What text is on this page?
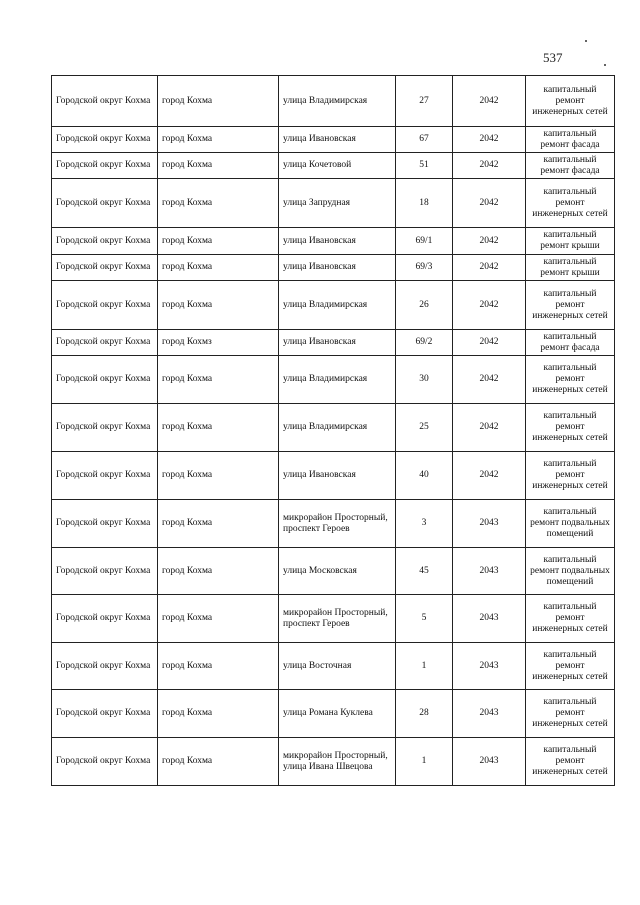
537
Городской округ Кохма	город Кохма	улица Владимирская	27	2042	капитальный ремонт инженерных сетей
Городской округ Кохма	город Кохма	улица Ивановская	67	2042	капитальный ремонт фасада
Городской округ Кохма	город Кохма	улица Кочетовой	51	2042	капитальный ремонт фасада
Городской округ Кохма	город Кохма	улица Запрудная	18	2042	капитальный ремонт инженерных сетей
Городской округ Кохма	город Кохма	улица Ивановская	69/1	2042	капитальный ремонт крыши
Городской округ Кохма	город Кохма	улица Ивановская	69/3	2042	капитальный ремонт крыши
Городской округ Кохма	город Кохма	улица Владимирская	26	2042	капитальный ремонт инженерных сетей
Городской округ Кохма	город Кохмз	улица Ивановская	69/2	2042	капитальный ремонт фасада
Городской округ Кохма	город Кохма	улица Владимирская	30	2042	капитальный ремонт инженерных сетей
Городской округ Кохма	город Кохма	улица Владимирская	25	2042	капитальный ремонт инженерных сетей
Городской округ Кохма	город Кохма	улица Ивановская	40	2042	капитальный ремонт инженерных сетей
Городской округ Кохма	город Кохма	микрорайон Просторный, проспект Героев	3	2043	капитальный ремонт подвальных помещений
Городской округ Кохма	город Кохма	улица Московская	45	2043	капитальный ремонт подвальных помещений
Городской округ Кохма	город Кохма	микрорайон Просторный, проспект Героев	5	2043	капитальный ремонт инженерных сетей
Городской округ Кохма	город Кохма	улица Восточная	1	2043	капитальный ремонт инженерных сетей
Городской округ Кохма	город Кохма	улица Романа Куклева	28	2043	капитальный ремонт инженерных сетей
Городской округ Кохма	город Кохма	микрорайон Просторный, улица Ивана Швецова	1	2043	капитальный ремонт инженерных сетей
